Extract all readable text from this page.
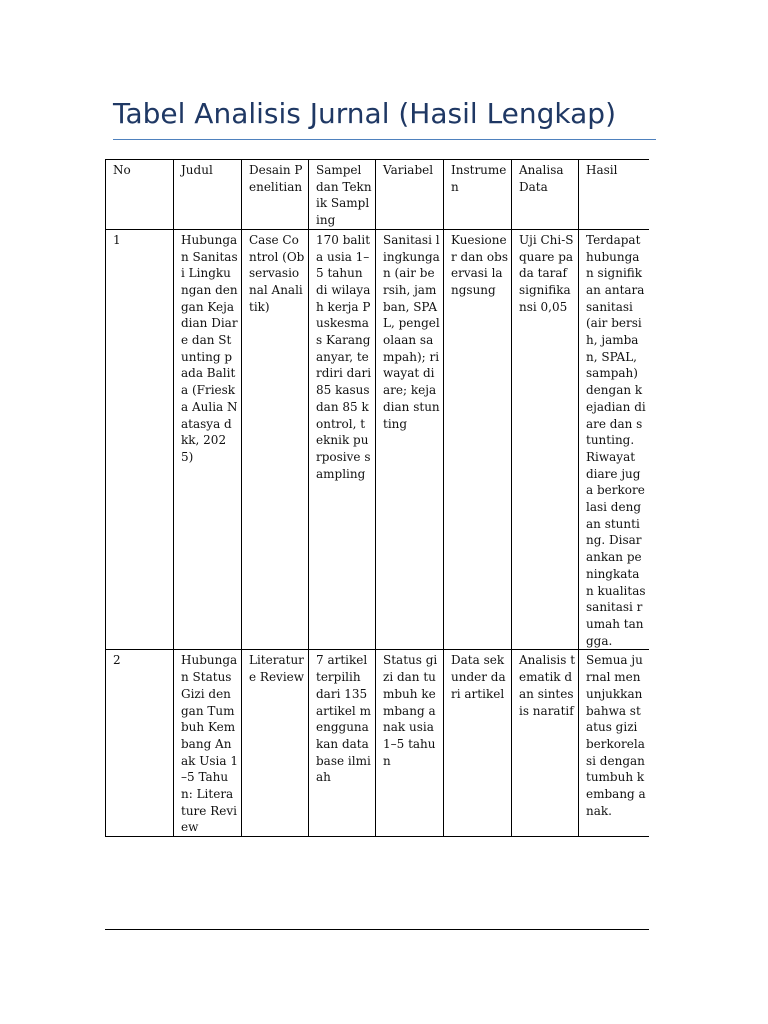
Tabel Analisis Jurnal (Hasil Lengkap)
No	Judul	Desain Penelitian	Sampel dan Teknik Sampling	Variabel	Instrumen	Analisa Data	Hasil
1	Hubungan Sanitasi Lingkungan dengan Kejadian Diare dan Stunting pada Balita (Frieska Aulia Natasya dkk, 2025)	Case Control (Observasional Analitik)	170 balita usia 1–5 tahun di wilayah kerja Puskesmas Karanganyar, terdiri dari 85 kasus dan 85 kontrol, teknik purposive sampling	Sanitasi lingkungan (air bersih, jamban, SPAL, pengelolaan sampah); riwayat diare; kejadian stunting	Kuesioner dan observasi langsung	Uji Chi-Square pada taraf signifikansi 0,05	Terdapat hubungan signifikan antara sanitasi (air bersih, jamban, SPAL, sampah) dengan kejadian diare dan stunting. Riwayat diare juga berkorelasi dengan stunting. Disarankan peningkatan kualitas sanitasi rumah tangga.
2	Hubungan Status Gizi dengan Tumbuh Kembang Anak Usia 1–5 Tahun: Literature Review	Literature Review	7 artikel terpilih dari 135 artikel menggunakan database ilmiah	Status gizi dan tumbuh kembang anak usia 1–5 tahun	Data sekunder dari artikel	Analisis tematik dan sintesis naratif	Semua jurnal menunjukkan bahwa status gizi berkorelasi dengan tumbuh kembang anak.
